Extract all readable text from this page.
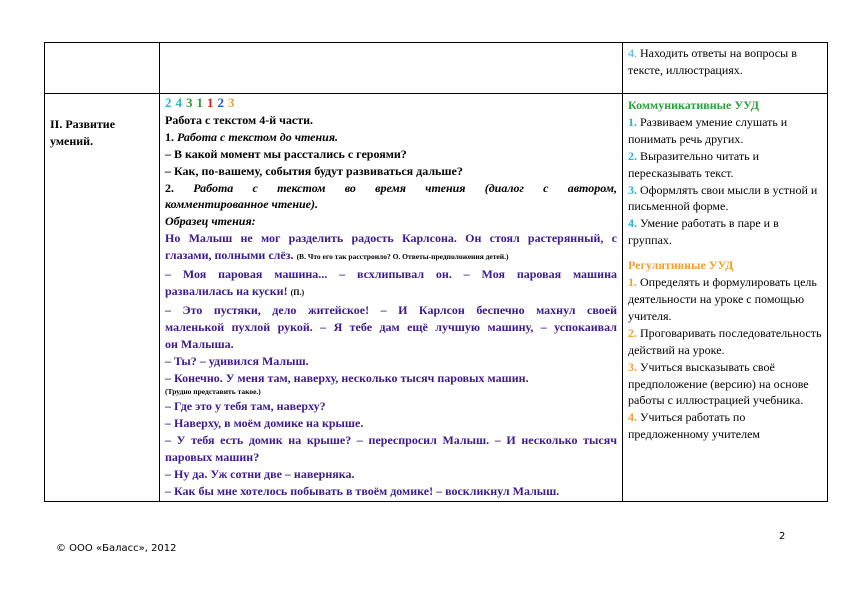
4. Находить ответы на вопросы в тексте, иллюстрациях.

II. Развитие умений.
2 4 3 1 1 2 3

Работа с текстом 4-й части.

1. Работа с текстом до чтения.

– В какой момент мы расстались с героями?

– Как, по-вашему, события будут развиваться дальше?

2. Работа с текстом во время чтения (диалог с автором,

комментированное чтение).

Образец чтения:

Но Малыш не мог разделить радость Карлсона. Он стоял растерянный, с

глазами, полными слёз. (В. Что его так расстроило? О. Ответы-предположения детей.)

– Моя паровая машина... – всхлипывал он. – Моя паровая машина

развалилась на куски! (П.)

– Это пустяки, дело житейское! – И Карлсон беспечно махнул своей

маленькой пухлой рукой. – Я тебе дам ещё лучшую машину, – успокаивал

он Малыша.

– Ты? – удивился Малыш.

– Конечно. У меня там, наверху, несколько тысяч паровых машин.

(Трудно представить такое.)

– Где это у тебя там, наверху?

– Наверху, в моём домике на крыше.

– У тебя есть домик на крыше? – переспросил Малыш. – И несколько тысяч

паровых машин?

– Ну да. Уж сотни две – наверняка.

– Как бы мне хотелось побывать в твоём домике! – воскликнул Малыш.

Коммуникативные УУД

1. Развиваем умение слушать и понимать речь других.

2. Выразительно читать и пересказывать текст.

3. Оформлять свои мысли в устной и письменной форме.

4. Умение работать в паре и в группах.

Регулятивные УУД

1. Определять и формулировать цель деятельности на уроке с помощью учителя.

2. Проговаривать последовательность действий на уроке.

3. Учиться высказывать своё предположение (версию) на основе работы с иллюстрацией учебника.

4. Учиться работать по предложенному учителем

2
© ООО «Баласс», 2012
